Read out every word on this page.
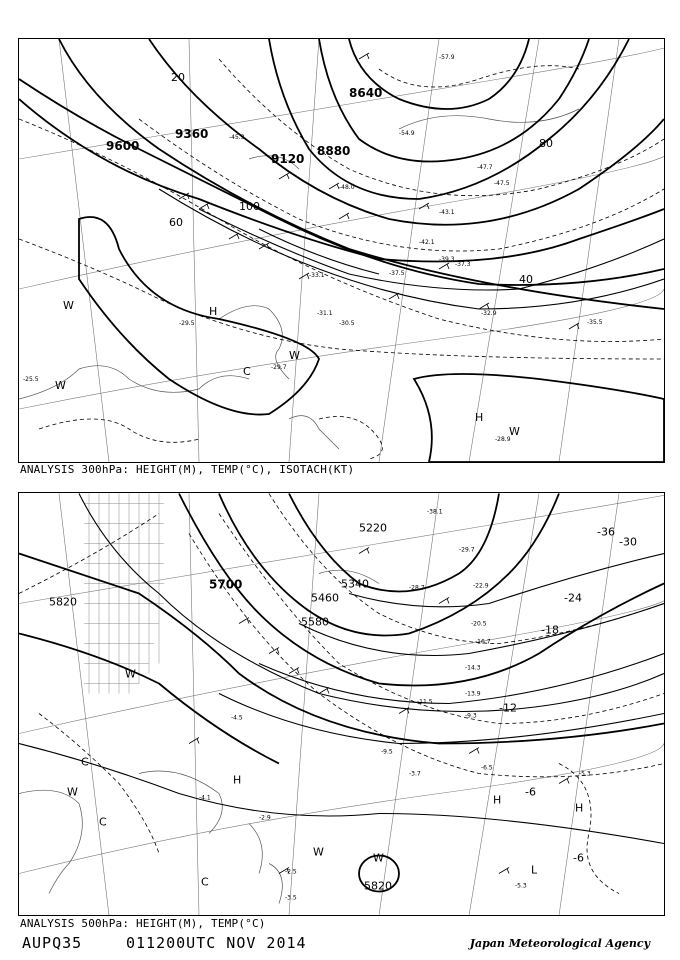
9600
9360
9120
8880
8640
20
40
60
80
100
-57.9
-54.9
-45.3
-37.5
-33.1
-32.9
-31.1
-30.5
-29.5
-28.9
-29.7
-25.5
-35.5
-43.1
-42.1
-39.3
-37.3
-48.0
-47.7
-47.5
W
W
H
C
W
H
W
ANALYSIS 300hPa: HEIGHT(M), TEMP(°C), ISOTACH(KT)
5220
5340
5460
5580
5700
5820
5820
-36
-30
-24
-18
-12
-6
-6
-38.1
-29.7
-28.7	-22.9
-20.5
-16.7
-14.3
-13.9
-11.5
-9.3
-9.5
-6.5
-5.3
-4.5
-4.1
-3.7
-2.9
-2.5
-3.5
-5.3
W
C
W
C
H
W	W
C
H
H
L
ANALYSIS 500hPa: HEIGHT(M), TEMP(°C)
AUPQ35	011200UTC NOV 2014	Japan Meteorological Agency
